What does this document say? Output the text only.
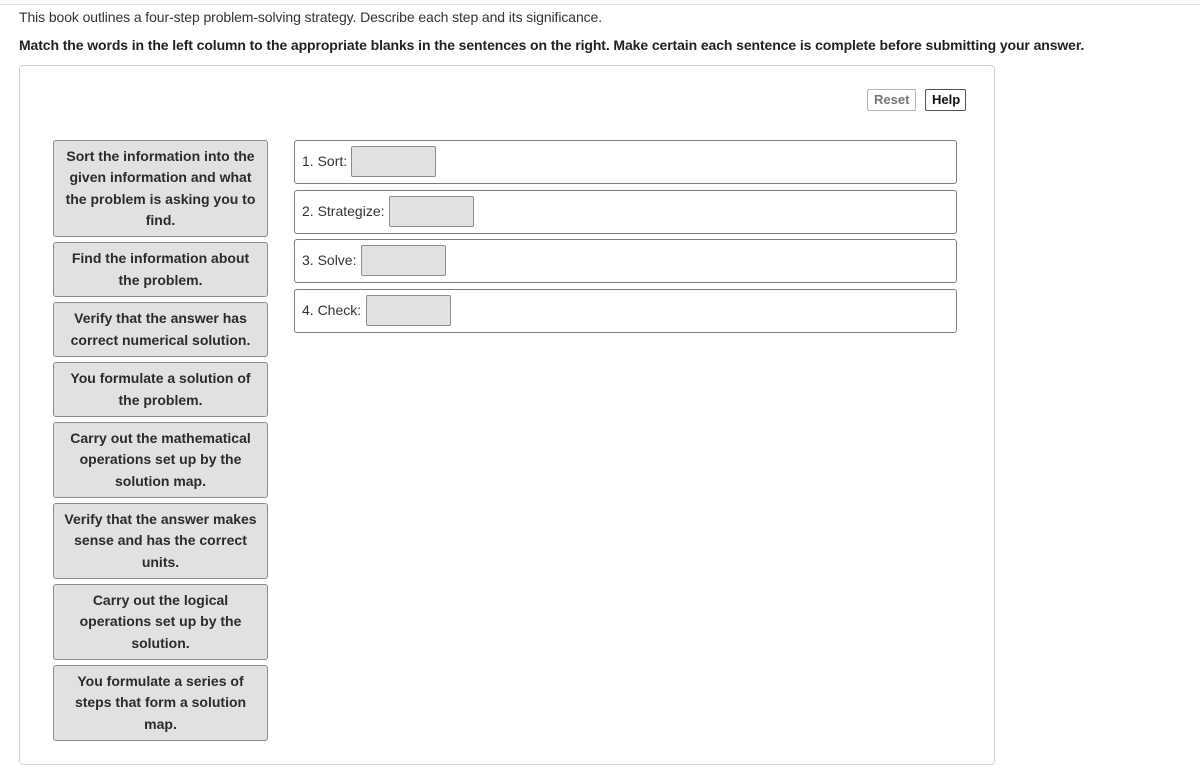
This book outlines a four-step problem-solving strategy. Describe each step and its significance.
Match the words in the left column to the appropriate blanks in the sentences on the right. Make certain each sentence is complete before submitting your answer.
Reset	Help
Sort the information into the given information and what the problem is asking you to find.
Find the information about the problem.
Verify that the answer has correct numerical solution.
You formulate a solution of the problem.
Carry out the mathematical operations set up by the solution map.
Verify that the answer makes sense and has the correct units.
Carry out the logical operations set up by the solution.
You formulate a series of steps that form a solution map.
1. Sort:
2. Strategize:
3. Solve:
4. Check:
